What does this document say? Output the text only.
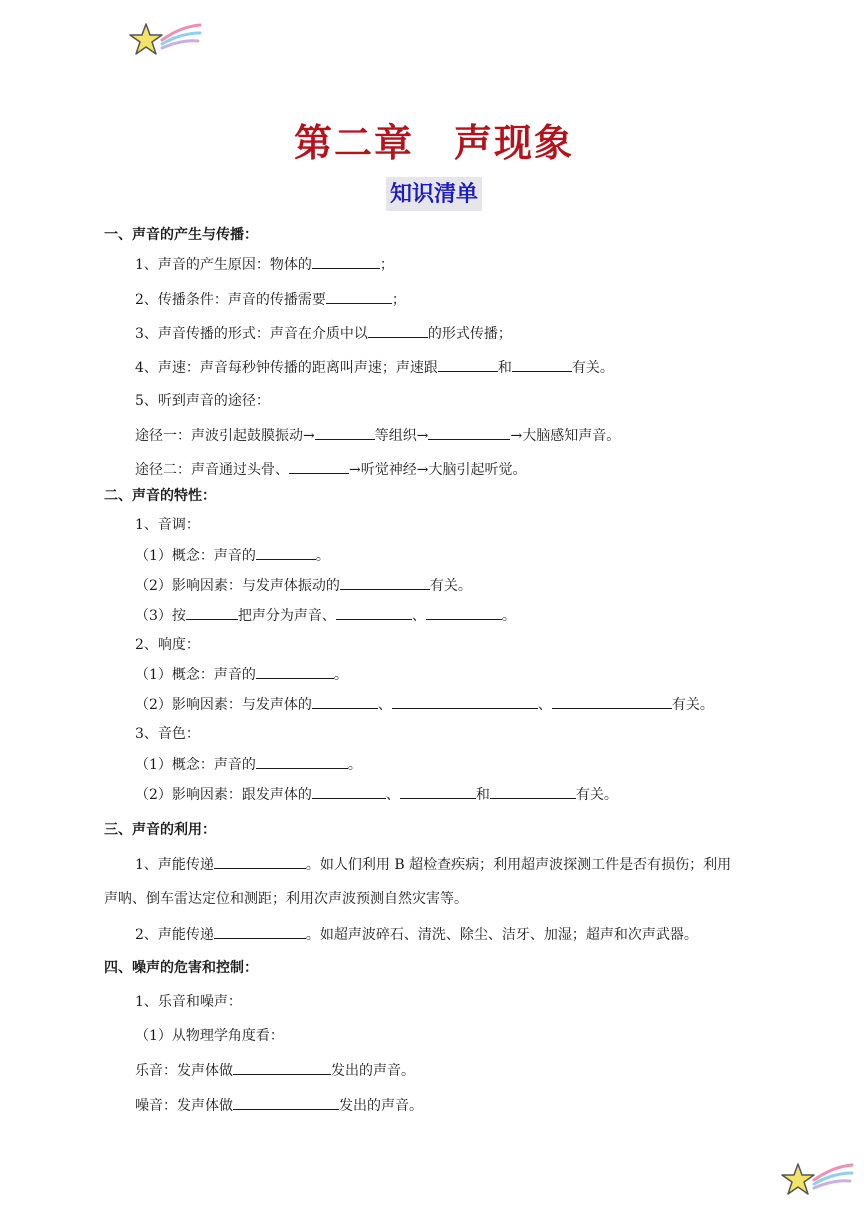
第二章　声现象
知识清单
一、声音的产生与传播：
1、声音的产生原因：物体的	；
2、传播条件：声音的传播需要	；
3、声音传播的形式：声音在介质中以	的形式传播；
4、声速：声音每秒钟传播的距离叫声速；声速跟	和	有关。
5、听到声音的途径：
途径一：声波引起鼓膜振动→	等组织→	→大脑感知声音。
途径二：声音通过头骨、	→听觉神经→大脑引起听觉。
二、声音的特性：
1、音调：
（1）概念：声音的	。
（2）影响因素：与发声体振动的	有关。
（3）按	把声分为声音、	、	。
2、响度：
（1）概念：声音的	。
（2）影响因素：与发声体的	、	、	有关。
3、音色：
（1）概念：声音的	。
（2）影响因素：跟发声体的	、	和	有关。
三、声音的利用：
1、声能传递	。如人们利用 B 超检查疾病；利用超声波探测工件是否有损伤；利用
声呐、倒车雷达定位和测距；利用次声波预测自然灾害等。
2、声能传递	。如超声波碎石、清洗、除尘、洁牙、加湿；超声和次声武器。
四、噪声的危害和控制：
1、乐音和噪声：
（1）从物理学角度看：
乐音：发声体做	发出的声音。
噪音：发声体做	发出的声音。
